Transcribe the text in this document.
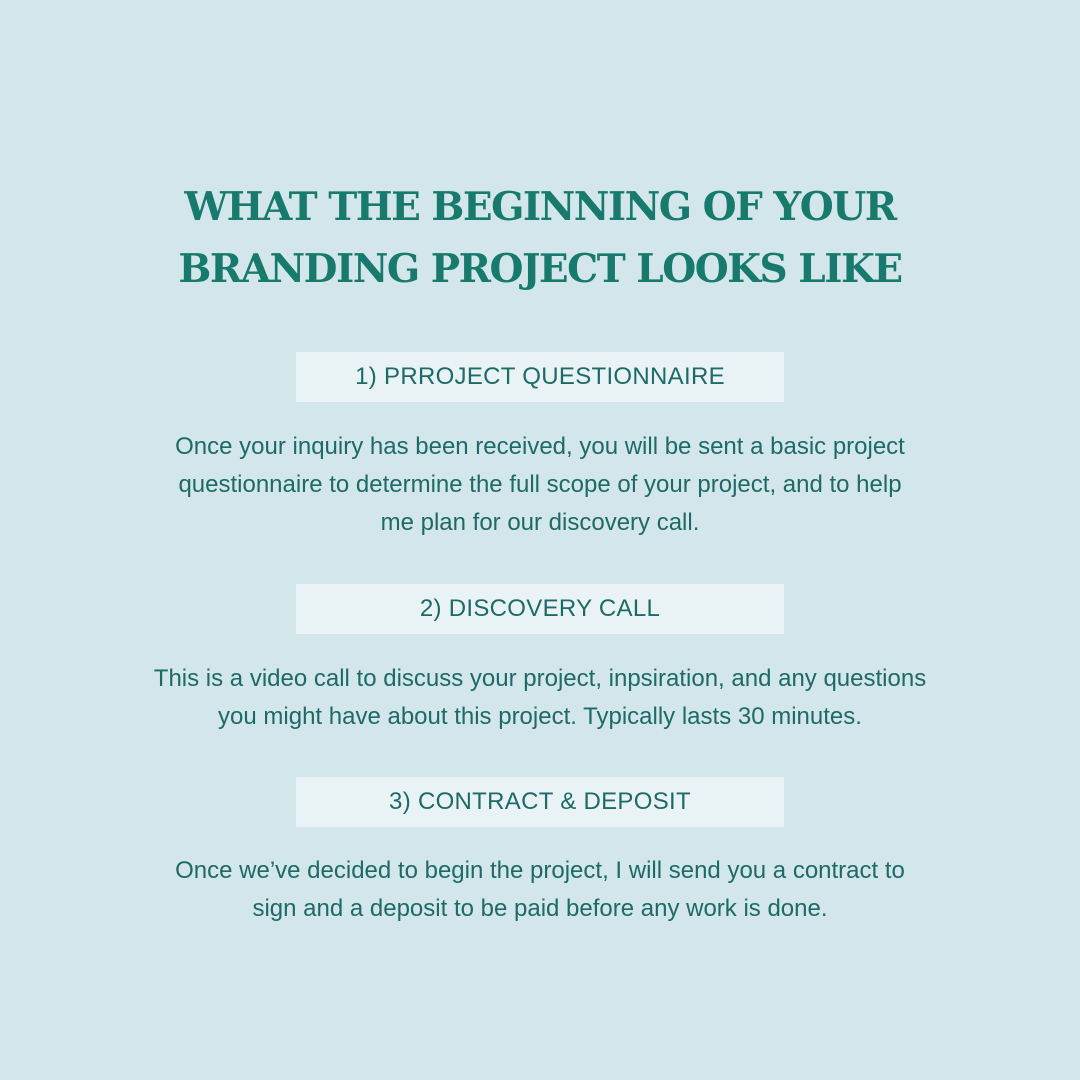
WHAT THE BEGINNING OF YOUR
BRANDING PROJECT LOOKS LIKE
1) PRROJECT QUESTIONNAIRE

Once your inquiry has been received, you will be sent a basic project
questionnaire to determine the full scope of your project, and to help
me plan for our discovery call.

2) DISCOVERY CALL

This is a video call to discuss your project, inpsiration, and any questions
you might have about this project. Typically lasts 30 minutes.

3) CONTRACT & DEPOSIT

Once we’ve decided to begin the project, I will send you a contract to
sign and a deposit to be paid before any work is done.
